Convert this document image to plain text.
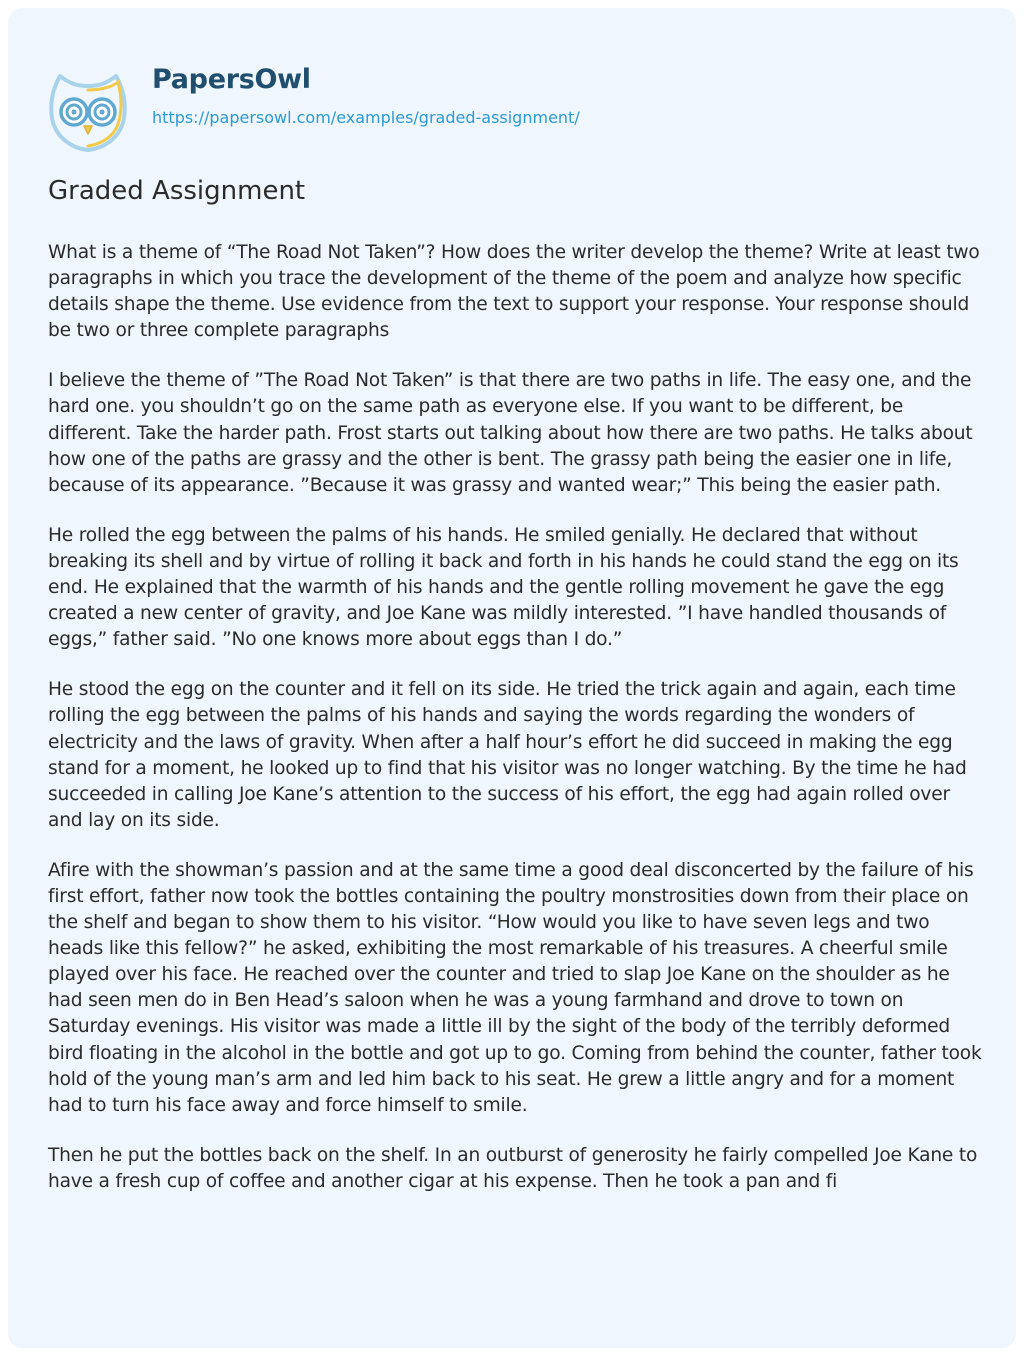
PapersOwl
https://papersowl.com/examples/graded-assignment/
Graded Assignment

What is a theme of “The Road Not Taken”? How does the writer develop the theme? Write at least two paragraphs in which you trace the development of the theme of the poem and analyze how specific details shape the theme. Use evidence from the text to support your response. Your response should be two or three complete paragraphs

I believe the theme of ”The Road Not Taken” is that there are two paths in life. The easy one, and the hard one. you shouldn’t go on the same path as everyone else. If you want to be different, be different. Take the harder path. Frost starts out talking about how there are two paths. He talks about how one of the paths are grassy and the other is bent. The grassy path being the easier one in life, because of its appearance. ”Because it was grassy and wanted wear;” This being the easier path.

He rolled the egg between the palms of his hands. He smiled genially. He declared that without breaking its shell and by virtue of rolling it back and forth in his hands he could stand the egg on its end. He explained that the warmth of his hands and the gentle rolling movement he gave the egg created a new center of gravity, and Joe Kane was mildly interested. ”I have handled thousands of eggs,” father said. ”No one knows more about eggs than I do.”

He stood the egg on the counter and it fell on its side. He tried the trick again and again, each time rolling the egg between the palms of his hands and saying the words regarding the wonders of electricity and the laws of gravity. When after a half hour’s effort he did succeed in making the egg stand for a moment, he looked up to find that his visitor was no longer watching. By the time he had succeeded in calling Joe Kane’s attention to the success of his effort, the egg had again rolled over and lay on its side.

Afire with the showman’s passion and at the same time a good deal disconcerted by the failure of his first effort, father now took the bottles containing the poultry monstrosities down from their place on the shelf and began to show them to his visitor. “How would you like to have seven legs and two heads like this fellow?” he asked, exhibiting the most remarkable of his treasures. A cheerful smile played over his face. He reached over the counter and tried to slap Joe Kane on the shoulder as he had seen men do in Ben Head’s saloon when he was a young farmhand and drove to town on Saturday evenings. His visitor was made a little ill by the sight of the body of the terribly deformed bird floating in the alcohol in the bottle and got up to go. Coming from behind the counter, father took hold of the young man’s arm and led him back to his seat. He grew a little angry and for a moment had to turn his face away and force himself to smile.

Then he put the bottles back on the shelf. In an outburst of generosity he fairly compelled Joe Kane to have a fresh cup of coffee and another cigar at his expense. Then he took a pan and fi
